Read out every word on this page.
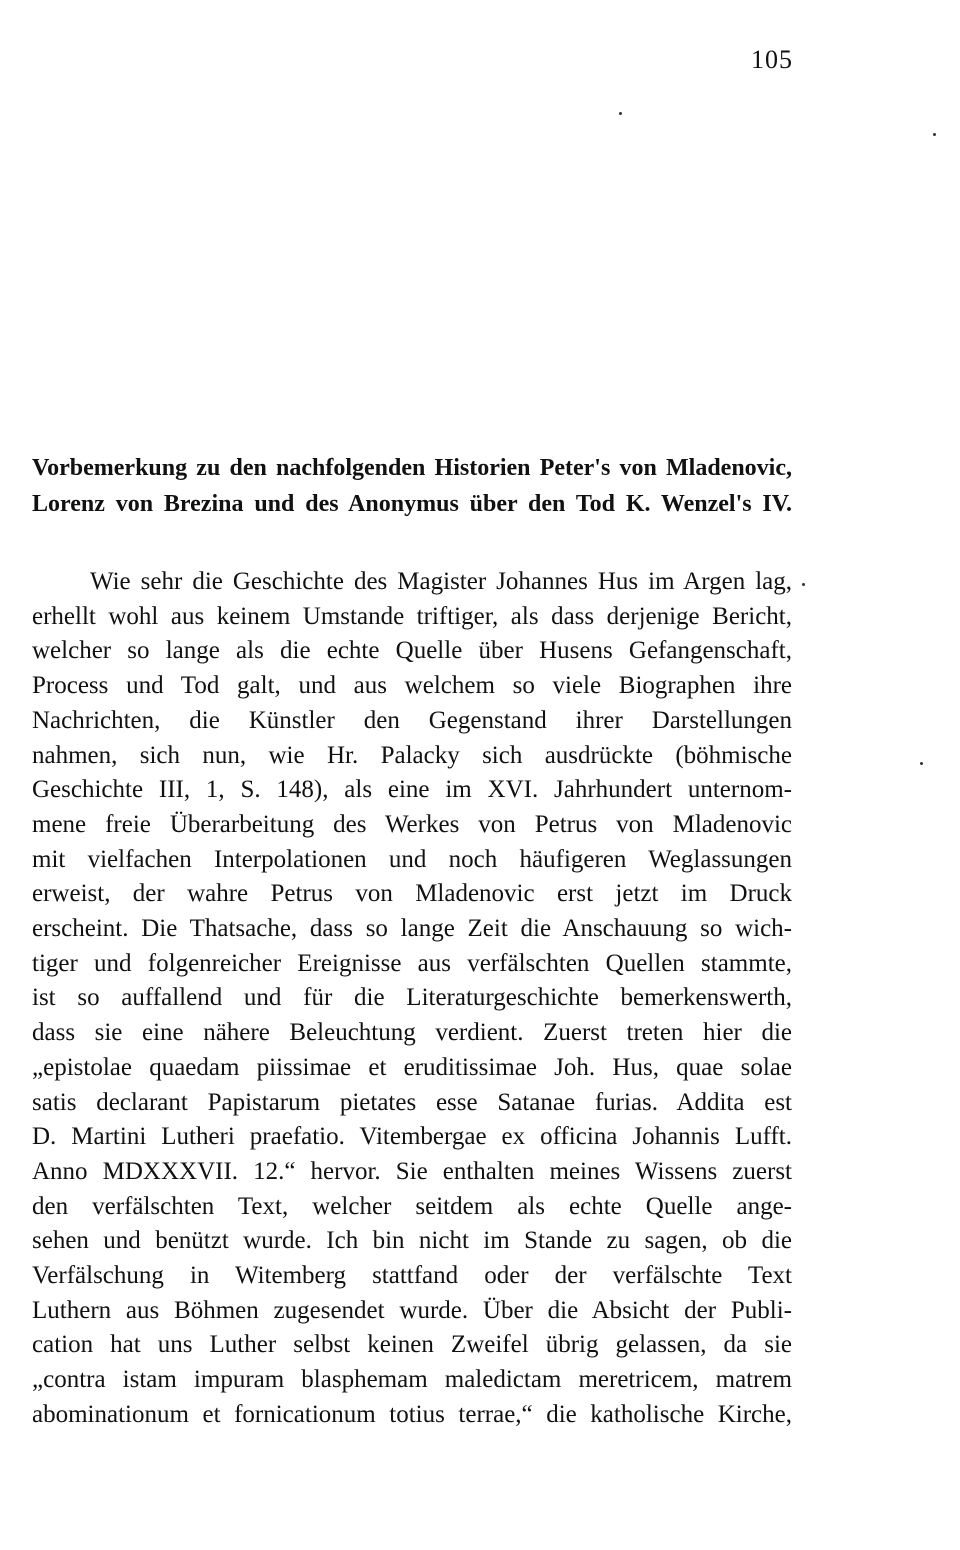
105
Vorbemerkung zu den nachfolgenden Historien Peter's von Mladenovic,
Lorenz von Brezina und des Anonymus über den Tod K. Wenzel's IV.
Wie sehr die Geschichte des Magister Johannes Hus im Argen lag,
erhellt wohl aus keinem Umstande triftiger, als dass derjenige Bericht,
welcher so lange als die echte Quelle über Husens Gefangenschaft,
Process und Tod galt, und aus welchem so viele Biographen ihre
Nachrichten, die Künstler den Gegenstand ihrer Darstellungen
nahmen, sich nun, wie Hr. Palacky sich ausdrückte (böhmische
Geschichte III, 1, S. 148), als eine im XVI. Jahrhundert unternom-
mene freie Überarbeitung des Werkes von Petrus von Mladenovic
mit vielfachen Interpolationen und noch häufigeren Weglassungen
erweist, der wahre Petrus von Mladenovic erst jetzt im Druck
erscheint. Die Thatsache, dass so lange Zeit die Anschauung so wich-
tiger und folgenreicher Ereignisse aus verfälschten Quellen stammte,
ist so auffallend und für die Literaturgeschichte bemerkenswerth,
dass sie eine nähere Beleuchtung verdient. Zuerst treten hier die
„epistolae quaedam piissimae et eruditissimae Joh. Hus, quae solae
satis declarant Papistarum pietates esse Satanae furias. Addita est
D. Martini Lutheri praefatio. Vitembergae ex officina Johannis Lufft.
Anno MDXXXVII. 12.“ hervor. Sie enthalten meines Wissens zuerst
den verfälschten Text, welcher seitdem als echte Quelle ange-
sehen und benützt wurde. Ich bin nicht im Stande zu sagen, ob die
Verfälschung in Witemberg stattfand oder der verfälschte Text
Luthern aus Böhmen zugesendet wurde. Über die Absicht der Publi-
cation hat uns Luther selbst keinen Zweifel übrig gelassen, da sie
„contra istam impuram blasphemam maledictam meretricem, matrem
abominationum et fornicationum totius terrae,“ die katholische Kirche,
